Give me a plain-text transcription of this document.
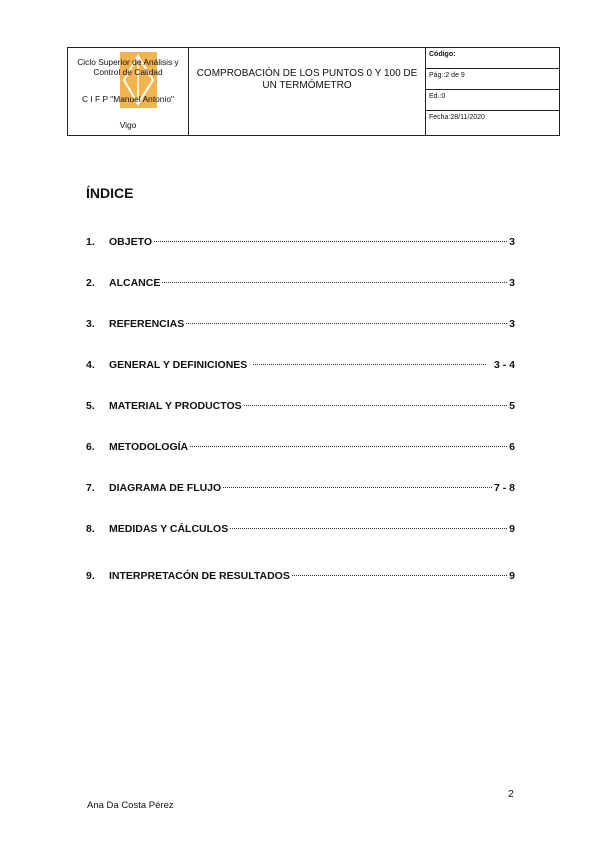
Ciclo Superior de Análisis y Control de Calidad
C I F P "Manuel Antonio"
Vigo
COMPROBACIÓN DE LOS PUNTOS 0 Y 100 DE UN TERMÓMETRO
Código:
Pág.:2 de 9
Ed.:0
Fecha:28/11/2020
ÍNDICE
1.	OBJETO	3
2.	ALCANCE	3
3.	REFERENCIAS	3
4.	GENERAL Y DEFINICIONES	3 - 4
5.	MATERIAL Y PRODUCTOS	5
6.	METODOLOGÍA	6
7.	DIAGRAMA DE FLUJO	7 - 8
8.	MEDIDAS Y CÁLCULOS	9
9.	INTERPRETACÓN DE RESULTADOS	9
2
Ana Da Costa Pérez
